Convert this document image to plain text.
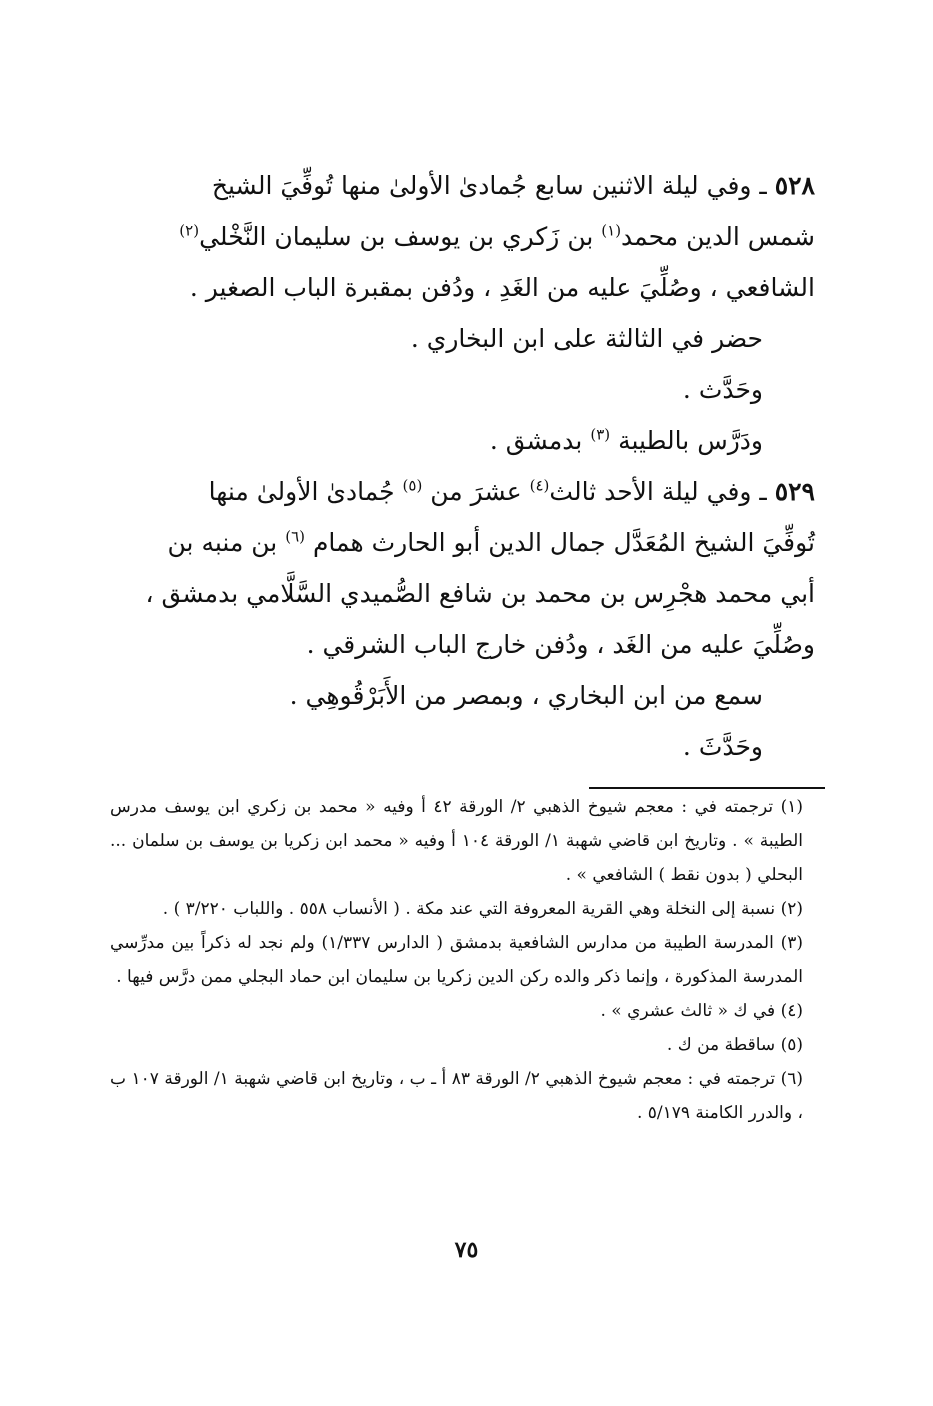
٥٢٨ ـ وفي ليلة الاثنين سابع جُمادىٰ الأولىٰ منها تُوفِّيَ الشيخ

شمس الدين محمد$^{(١)}$ بن زَكري بن يوسف بن سليمان النَّخْلي$^{(٢)}$

الشافعي ، وصُلِّيَ عليه من الغَدِ ، ودُفن بمقبرة الباب الصغير .

حضر في الثالثة على ابن البخاري .

وحَدَّث .

ودَرَّس بالطيبة $^{(٣)}$ بدمشق .

٥٢٩ ـ وفي ليلة الأحد ثالث$^{(٤)}$ عشرَ من $^{(٥)}$ جُمادىٰ الأولىٰ منها

تُوفِّيَ الشيخ المُعَدَّل جمال الدين أبو الحارث همام $^{(٦)}$ بن منبه بن

أبي محمد هجْرِس بن محمد بن شافع الصُّميدي السَّلَّامي بدمشق ،

وصُلِّيَ عليه من الغَد ، ودُفن خارج الباب الشرقي .

سمع من ابن البخاري ، وبمصر من الأَبَرْقُوهِي .

وحَدَّثَ .

(١) ترجمته في : معجم شيوخ الذهبي ٢/ الورقة ٤٢ أ وفيه « محمد بن زكري ابن يوسف مدرس الطيبة » . وتاريخ ابن قاضي شهبة ١/ الورقة ١٠٤ أ وفيه « محمد ابن زكريا بن يوسف بن سلمان ... البحلي ( بدون نقط ) الشافعي » .

(٢) نسبة إلى النخلة وهي القرية المعروفة التي عند مكة . ( الأنساب ٥٥٨ . واللباب ٣/٢٢٠ ) .

(٣) المدرسة الطيبة من مدارس الشافعية بدمشق ( الدارس ١/٣٣٧) ولم نجد له ذكراً بين مدرِّسي المدرسة المذكورة ، وإنما ذكر والده ركن الدين زكريا بن سليمان ابن حماد البجلي ممن درَّس فيها .

(٤) في ك « ثالث عشري » .

(٥) ساقطة من ك .

(٦) ترجمته في : معجم شيوخ الذهبي ٢/ الورقة ٨٣ أ ـ ب ، وتاريخ ابن قاضي شهبة ١/ الورقة ١٠٧ ب ، والدرر الكامنة ٥/١٧٩ .

٧٥
